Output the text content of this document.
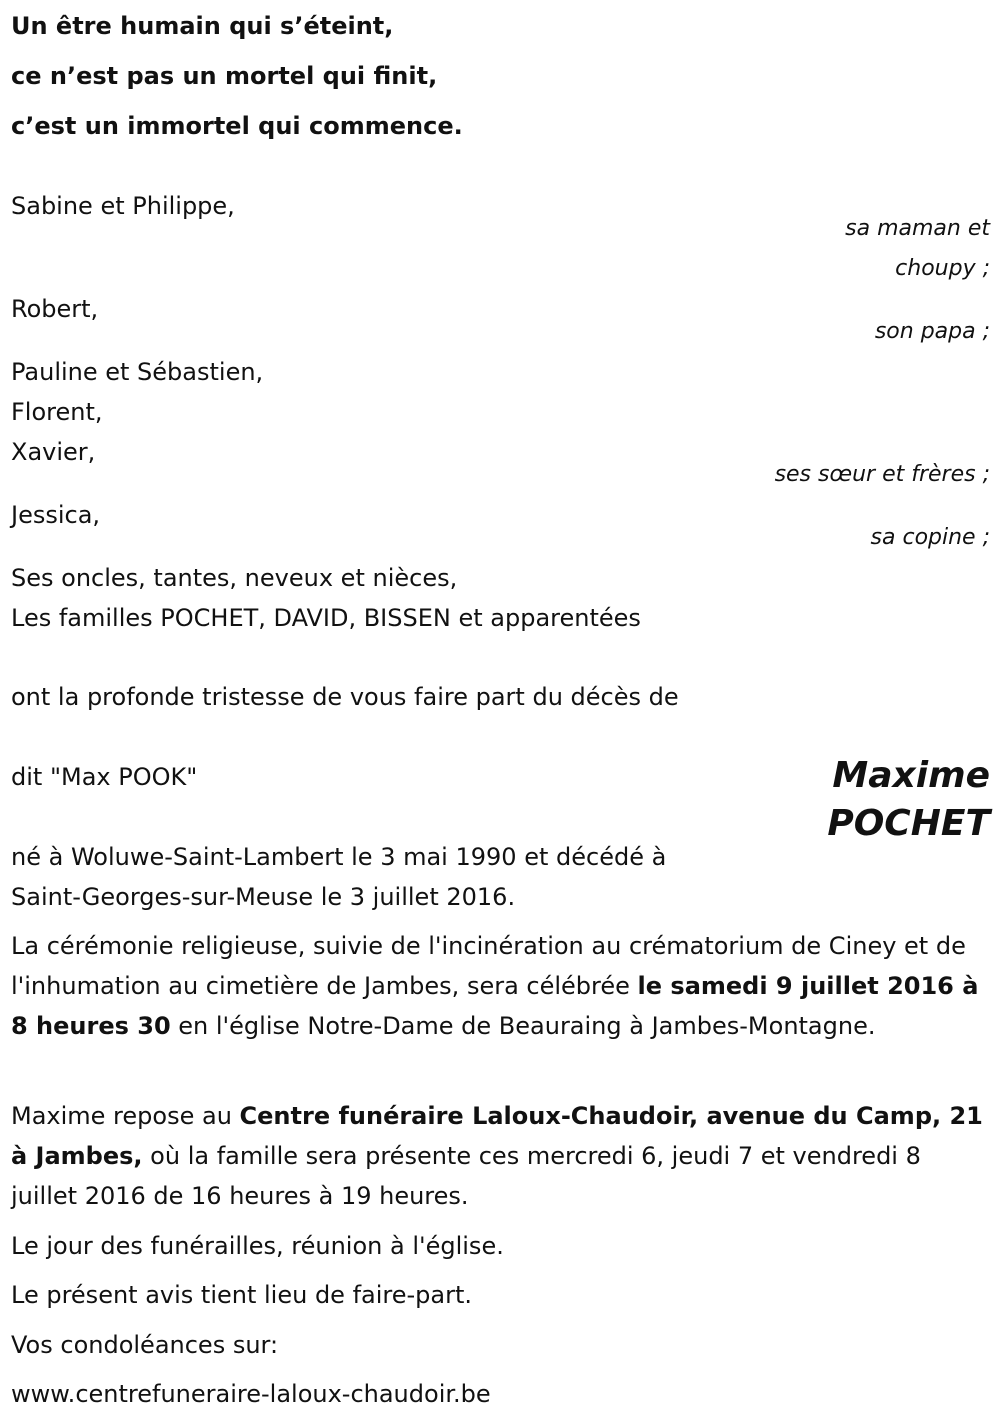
Un être humain qui s’éteint,
ce n’est pas un mortel qui finit,
c’est un immortel qui commence.
Sabine et Philippe,
sa maman et
choupy ;
Robert,
son papa ;
Pauline et Sébastien,
Florent,
Xavier,
ses sœur et frères ;
Jessica,
sa copine ;
Ses oncles, tantes, neveux et nièces,
Les familles POCHET, DAVID, BISSEN et apparentées
ont la profonde tristesse de vous faire part du décès de
dit "Max POOK"	Maxime
POCHET
né à Woluwe-Saint-Lambert le 3 mai 1990 et décédé à
Saint-Georges-sur-Meuse le 3 juillet 2016.

La cérémonie religieuse, suivie de l'incinération au crématorium de Ciney et de l'inhumation au cimetière de Jambes, sera célébrée le samedi 9 juillet 2016 à 8 heures 30 en l'église Notre-Dame de Beauraing à Jambes-Montagne.

Maxime repose au Centre funéraire Laloux-Chaudoir, avenue du Camp, 21 à Jambes, où la famille sera présente ces mercredi 6, jeudi 7 et vendredi 8 juillet 2016 de 16 heures à 19 heures.

Le jour des funérailles, réunion à l'église.
Le présent avis tient lieu de faire-part.
Vos condoléances sur:
www.centrefuneraire-laloux-chaudoir.be
